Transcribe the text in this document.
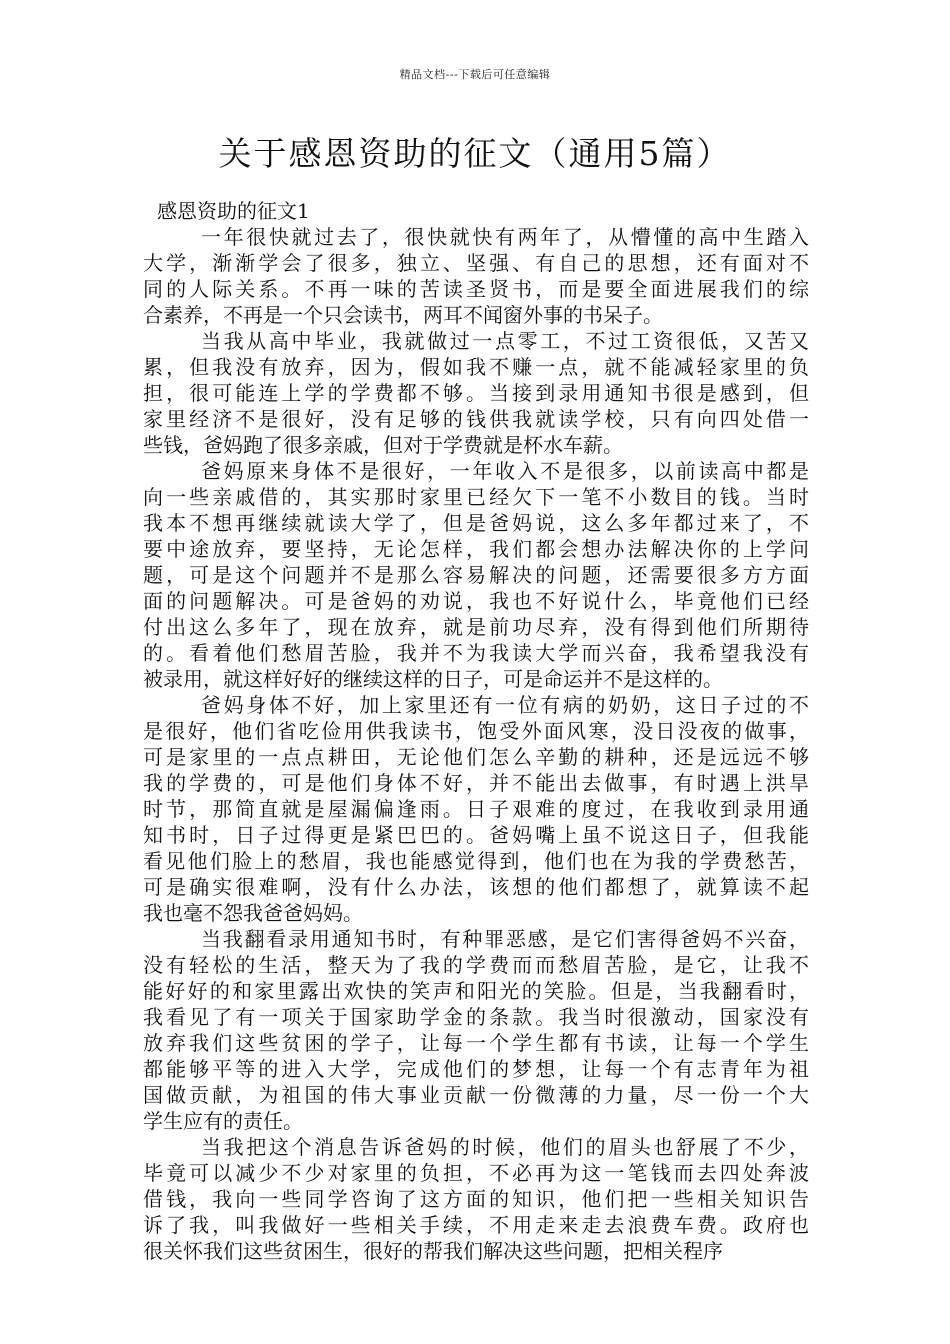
精品文档---下载后可任意编辑
关于感恩资助的征文（通用5篇）
感恩资助的征文1
一年很快就过去了，很快就快有两年了，从懵懂的高中生踏入
大学，渐渐学会了很多，独立、坚强、有自己的思想，还有面对不
同的人际关系。不再一味的苦读圣贤书，而是要全面进展我们的综
合素养，不再是一个只会读书，两耳不闻窗外事的书呆子。
当我从高中毕业，我就做过一点零工，不过工资很低，又苦又
累，但我没有放弃，因为，假如我不赚一点，就不能减轻家里的负
担，很可能连上学的学费都不够。当接到录用通知书很是感到，但
家里经济不是很好，没有足够的钱供我就读学校，只有向四处借一
些钱，爸妈跑了很多亲戚，但对于学费就是杯水车薪。
爸妈原来身体不是很好，一年收入不是很多，以前读高中都是
向一些亲戚借的，其实那时家里已经欠下一笔不小数目的钱。当时
我本不想再继续就读大学了，但是爸妈说，这么多年都过来了，不
要中途放弃，要坚持，无论怎样，我们都会想办法解决你的上学问
题，可是这个问题并不是那么容易解决的问题，还需要很多方方面
面的问题解决。可是爸妈的劝说，我也不好说什么，毕竟他们已经
付出这么多年了，现在放弃，就是前功尽弃，没有得到他们所期待
的。看着他们愁眉苦脸，我并不为我读大学而兴奋，我希望我没有
被录用，就这样好好的继续这样的日子，可是命运并不是这样的。
爸妈身体不好，加上家里还有一位有病的奶奶，这日子过的不
是很好，他们省吃俭用供我读书，饱受外面风寒，没日没夜的做事，
可是家里的一点点耕田，无论他们怎么辛勤的耕种，还是远远不够
我的学费的，可是他们身体不好，并不能出去做事，有时遇上洪旱
时节，那简直就是屋漏偏逢雨。日子艰难的度过，在我收到录用通
知书时，日子过得更是紧巴巴的。爸妈嘴上虽不说这日子，但我能
看见他们脸上的愁眉，我也能感觉得到，他们也在为我的学费愁苦，
可是确实很难啊，没有什么办法，该想的他们都想了，就算读不起
我也毫不怨我爸爸妈妈。
当我翻看录用通知书时，有种罪恶感，是它们害得爸妈不兴奋，
没有轻松的生活，整天为了我的学费而而愁眉苦脸，是它，让我不
能好好的和家里露出欢快的笑声和阳光的笑脸。但是，当我翻看时，
我看见了有一项关于国家助学金的条款。我当时很激动，国家没有
放弃我们这些贫困的学子，让每一个学生都有书读，让每一个学生
都能够平等的进入大学，完成他们的梦想，让每一个有志青年为祖
国做贡献，为祖国的伟大事业贡献一份微薄的力量，尽一份一个大
学生应有的责任。
当我把这个消息告诉爸妈的时候，他们的眉头也舒展了不少，
毕竟可以减少不少对家里的负担，不必再为这一笔钱而去四处奔波
借钱，我向一些同学咨询了这方面的知识，他们把一些相关知识告
诉了我，叫我做好一些相关手续，不用走来走去浪费车费。政府也
很关怀我们这些贫困生，很好的帮我们解决这些问题，把相关程序
